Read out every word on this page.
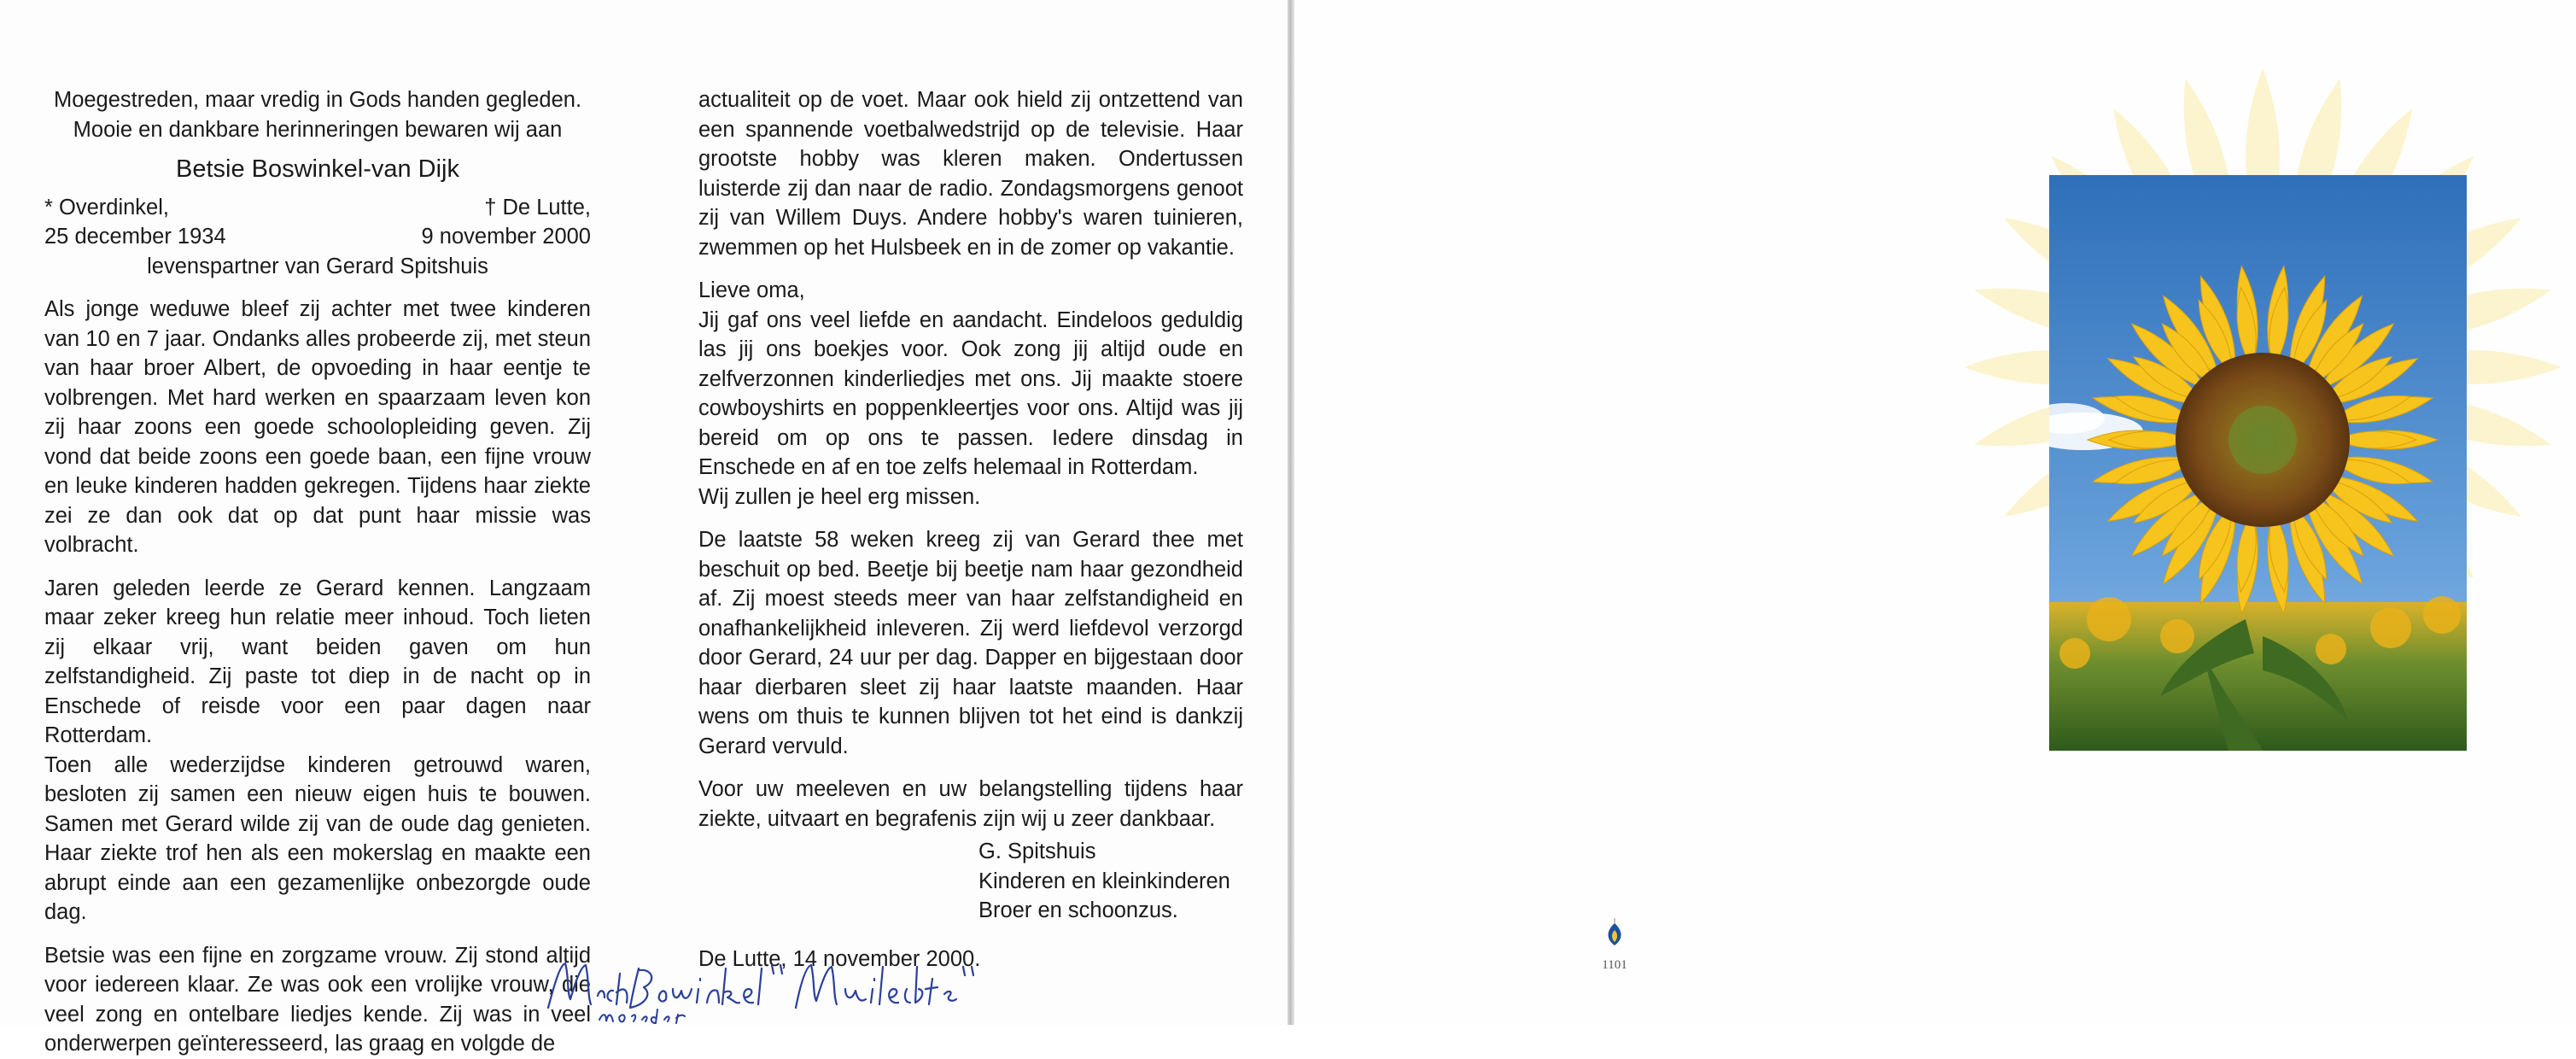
Moegestreden, maar vredig in Gods handen gegleden.
Mooie en dankbare herinneringen bewaren wij aan
Betsie Boswinkel-van Dijk
* Overdinkel,	† De Lutte,
25 december 1934	9 november 2000
levenspartner van Gerard Spitshuis
Als jonge weduwe bleef zij achter met twee kinderen van 10 en 7 jaar. Ondanks alles probeerde zij, met steun van haar broer Albert, de opvoeding in haar eentje te volbrengen. Met hard werken en spaarzaam leven kon zij haar zoons een goede schoolopleiding geven. Zij vond dat beide zoons een goede baan, een fijne vrouw en leuke kinderen hadden gekregen. Tijdens haar ziekte zei ze dan ook dat op dat punt haar missie was volbracht.
Jaren geleden leerde ze Gerard kennen. Langzaam maar zeker kreeg hun relatie meer inhoud. Toch lieten zij elkaar vrij, want beiden gaven om hun zelfstandigheid. Zij paste tot diep in de nacht op in Enschede of reisde voor een paar dagen naar Rotterdam.
Toen alle wederzijdse kinderen getrouwd waren, besloten zij samen een nieuw eigen huis te bouwen. Samen met Gerard wilde zij van de oude dag genieten. Haar ziekte trof hen als een mokerslag en maakte een abrupt einde aan een gezamenlijke onbezorgde oude dag.
Betsie was een fijne en zorgzame vrouw. Zij stond altijd voor iedereen klaar. Ze was ook een vrolijke vrouw, die veel zong en ontelbare liedjes kende. Zij was in veel onderwerpen geïnteresseerd, las graag en volgde de
actualiteit op de voet. Maar ook hield zij ontzettend van een spannende voetbalwedstrijd op de televisie. Haar grootste hobby was kleren maken. Ondertussen luisterde zij dan naar de radio. Zondagsmorgens genoot zij van Willem Duys. Andere hobby's waren tuinieren, zwemmen op het Hulsbeek en in de zomer op vakantie.
Lieve oma,
Jij gaf ons veel liefde en aandacht. Eindeloos geduldig las jij ons boekjes voor. Ook zong jij altijd oude en zelfverzonnen kinderliedjes met ons. Jij maakte stoere cowboyshirts en poppenkleertjes voor ons. Altijd was jij bereid om op ons te passen. Iedere dinsdag in Enschede en af en toe zelfs helemaal in Rotterdam.
Wij zullen je heel erg missen.
De laatste 58 weken kreeg zij van Gerard thee met beschuit op bed. Beetje bij beetje nam haar gezondheid af. Zij moest steeds meer van haar zelfstandigheid en onafhankelijkheid inleveren. Zij werd liefdevol verzorgd door Gerard, 24 uur per dag. Dapper en bijgestaan door haar dierbaren sleet zij haar laatste maanden. Haar wens om thuis te kunnen blijven tot het eind is dankzij Gerard vervuld.
Voor uw meeleven en uw belangstelling tijdens haar ziekte, uitvaart en begrafenis zijn wij u zeer dankbaar.
G. Spitshuis
Kinderen en kleinkinderen
Broer en schoonzus.
De Lutte, 14 november 2000.	1101
